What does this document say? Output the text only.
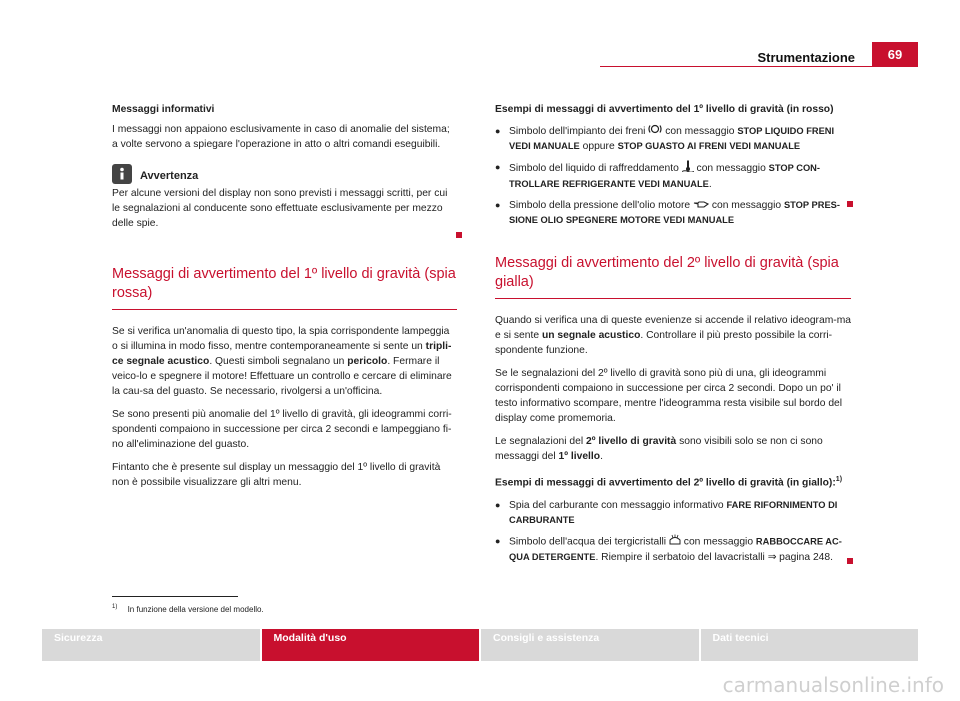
Strumentazione	69
Messaggi informativi

I messaggi non appaiono esclusivamente in caso di anomalie del sistema; a volte servono a spiegare l'operazione in atto o altri comandi eseguibili.

Avvertenza

Per alcune versioni del display non sono previsti i messaggi scritti, per cui le segnalazioni al conducente sono effettuate esclusivamente per mezzo delle spie.

Messaggi di avvertimento del 1º livello di gravità (spia rossa)

Se si verifica un'anomalia di questo tipo, la spia corrispondente lampeggia o si illumina in modo fisso, mentre contemporaneamente si sente un tripli-ce segnale acustico. Questi simboli segnalano un pericolo. Fermare il veico-lo e spegnere il motore! Effettuare un controllo e cercare di eliminare la cau-sa del guasto. Se necessario, rivolgersi a un'officina.

Se sono presenti più anomalie del 1º livello di gravità, gli ideogrammi corri-spondenti compaiono in successione per circa 2 secondi e lampeggiano fi-no all'eliminazione del guasto.

Fintanto che è presente sul display un messaggio del 1º livello di gravità non è possibile visualizzare gli altri menu.

Esempi di messaggi di avvertimento del 1º livello di gravità (in rosso)
● Simbolo dell'impianto dei freni  con messaggio STOP LIQUIDO FRENI VEDI MANUALE oppure STOP GUASTO AI FRENI VEDI MANUALE
● Simbolo del liquido di raffreddamento  con messaggio STOP CON-TROLLARE REFRIGERANTE VEDI MANUALE.
● Simbolo della pressione dell'olio motore  con messaggio STOP PRES-SIONE OLIO SPEGNERE MOTORE VEDI MANUALE
Messaggi di avvertimento del 2º livello di gravità (spia gialla)

Quando si verifica una di queste evenienze si accende il relativo ideogram-ma e si sente un segnale acustico. Controllare il più presto possibile la corri-spondente funzione.

Se le segnalazioni del 2º livello di gravità sono più di una, gli ideogrammi corrispondenti compaiono in successione per circa 2 secondi. Dopo un po' il testo informativo scompare, mentre l'ideogramma resta visibile sul bordo del display come promemoria.

Le segnalazioni del 2º livello di gravità sono visibili solo se non ci sono messaggi del 1º livello.

Esempi di messaggi di avvertimento del 2º livello di gravità (in giallo):$^{1)}$
● Spia del carburante con messaggio informativo FARE RIFORNIMENTO DI CARBURANTE
● Simbolo dell'acqua dei tergicristalli  con messaggio RABBOCCARE AC-QUA DETERGENTE. Riempire il serbatoio del lavacristalli ⇒ pagina 248.
$^{1)}$ In funzione della versione del modello.
Sicurezza	Modalità d'uso	Consigli e assistenza	Dati tecnici
carmanualsonline.info
